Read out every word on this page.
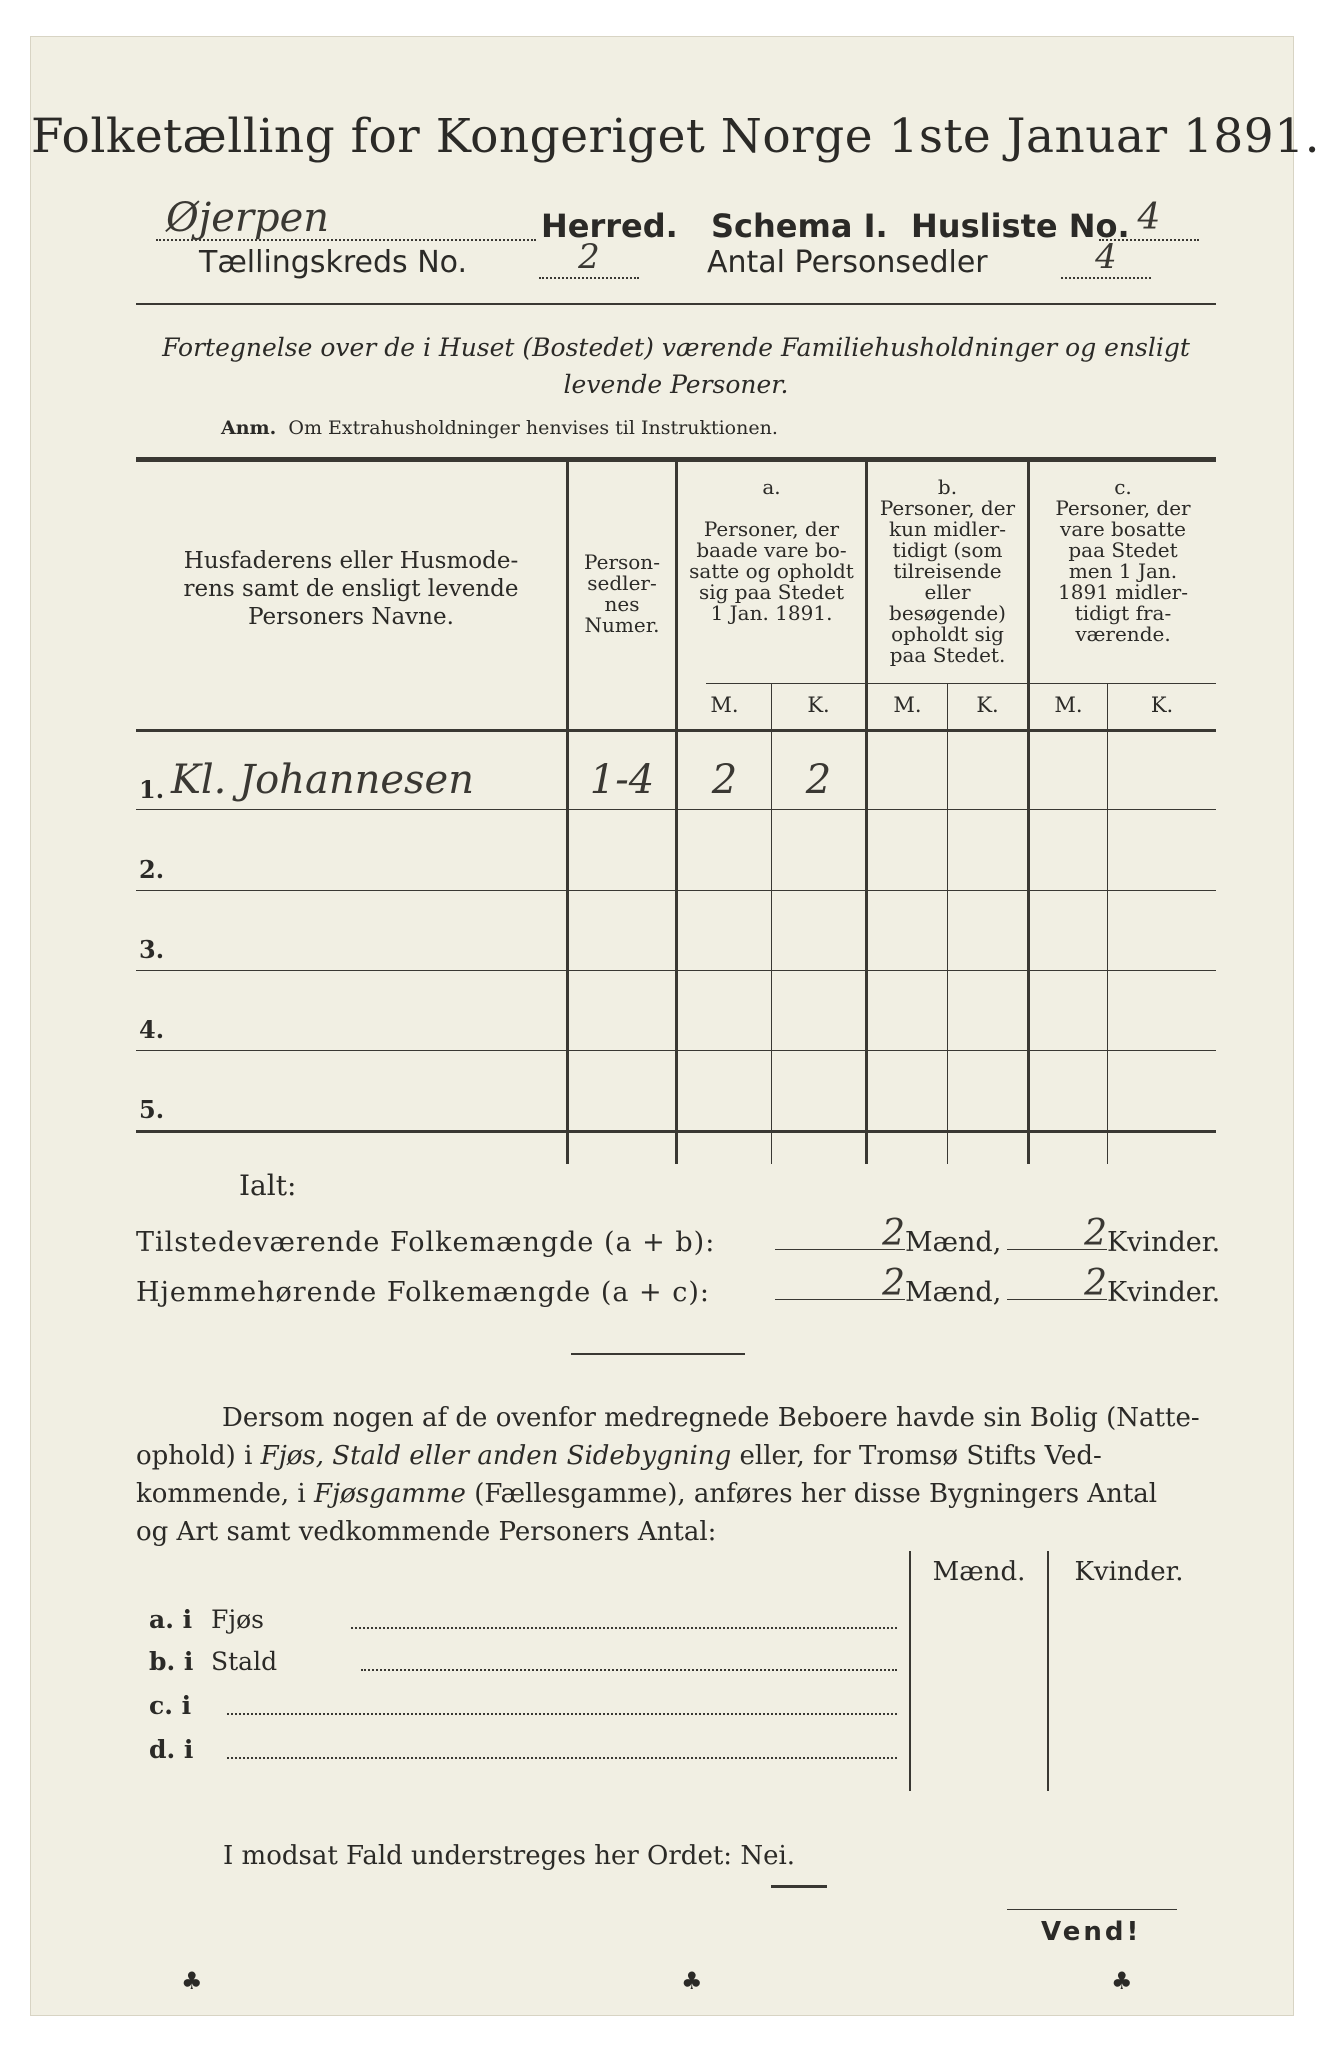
Folketælling for Kongeriget Norge 1ste Januar 1891.
Øjerpen	Herred. Schema I. Husliste No. 4
Tællingskreds No.	2	Antal Personsedler	4
Fortegnelse over de i Huset (Bostedet) værende Familiehusholdninger og ensligt
levende Personer.
Anm. Om Extrahusholdninger henvises til Instruktionen.
Husfaderens eller Husmode-
rens samt de ensligt levende
Personers Navne.
Person-
sedler-
nes
Numer.
a.

Personer, der
baade vare bo-
satte og opholdt
sig paa Stedet
1 Jan. 1891.
b.
Personer, der
kun midler-
tidigt (som
tilreisende
eller
besøgende)
opholdt sig
paa Stedet.
c.
Personer, der
vare bosatte
paa Stedet
men 1 Jan.
1891 midler-
tidigt fra-
værende.
M.	K.	M.	K.	M.	K.
1. Kl. Johannesen	1-4	2	2
2.
3.
4.
5.
Ialt:
Tilstedeværende Folkemængde (a + b):	2 Mænd,	2 Kvinder.
Hjemmehørende Folkemængde (a + c):	2 Mænd,	2 Kvinder.
Dersom nogen af de ovenfor medregnede Beboere havde sin Bolig (Natte-
ophold) i Fjøs, Stald eller anden Sidebygning eller, for Tromsø Stifts Ved-
kommende, i Fjøsgamme (Fællesgamme), anføres her disse Bygningers Antal
og Art samt vedkommende Personers Antal:
Mænd.	Kvinder.
a. i Fjøs
b. i Stald
c. i
d. i
I modsat Fald understreges her Ordet: Nei.
Vend!
♣	♣	♣
